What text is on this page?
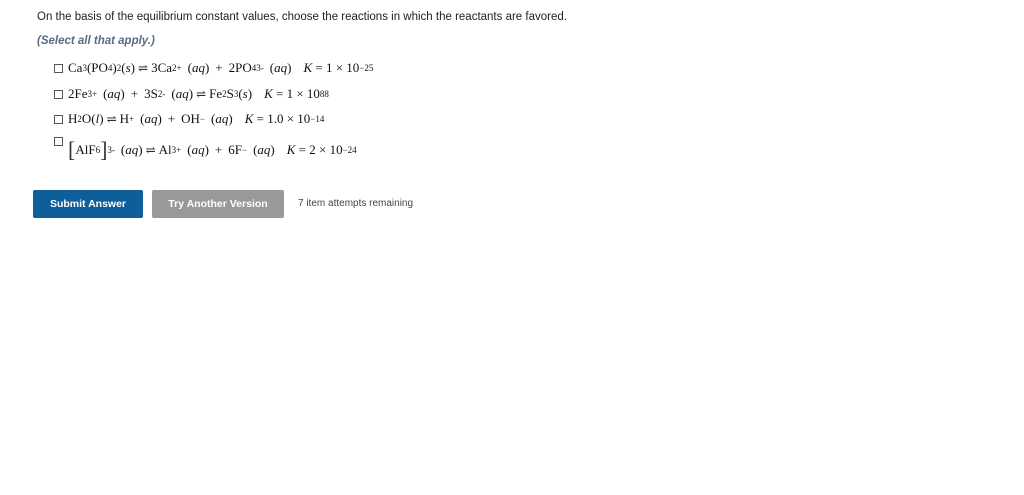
On the basis of the equilibrium constant values, choose the reactions in which the reactants are favored.
(Select all that apply.)
Ca 3 (PO 4 ) 2 ( s ) ⇌ 3Ca 2+ ( aq ) + 2PO 4 3- ( aq ) K = 1 × 10 −25
2Fe 3+ ( aq ) + 3S 2- ( aq ) ⇌ Fe 2 S 3 ( s ) K = 1 × 10 88
H 2 O( l ) ⇌ H + ( aq ) + OH − ( aq ) K = 1.0 × 10 −14
[ AlF 6 ] 3- ( aq ) ⇌ Al 3+ ( aq ) + 6F − ( aq ) K = 2 × 10 −24
Submit Answer	Try Another Version	7 item attempts remaining
